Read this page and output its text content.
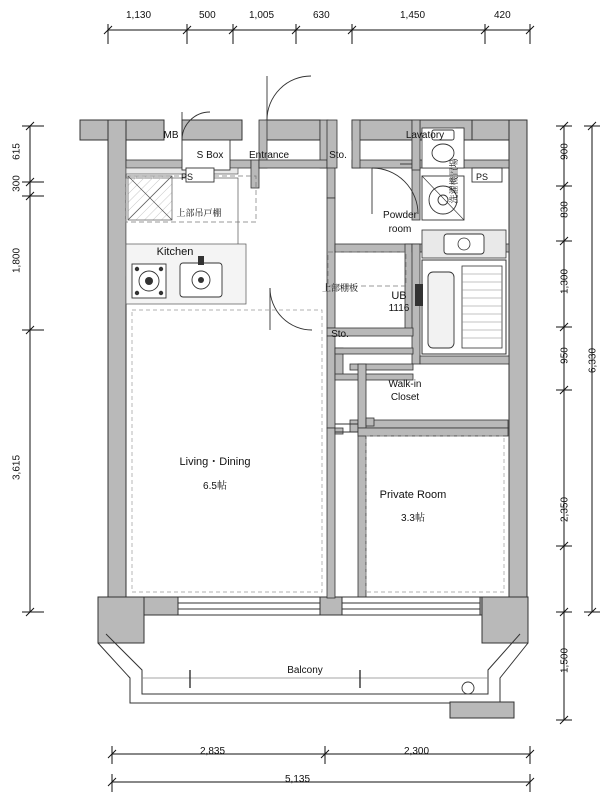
1,130	500	1,005	630	1,450	420
615
300
1,800
3,615
900
830
1,300
950
2,350
1,500
6,330
2,835	2,300
5,135
MB
S Box	Entrance	Sto.
Lavatory
PS	PS
上部吊戸棚
Kitchen
Powder
room
洗濯機置場
上部棚板
UB
1116
Sto.
Walk-in
Closet
Living・Dining
6.5帖
Private Room
3.3帖
Balcony
